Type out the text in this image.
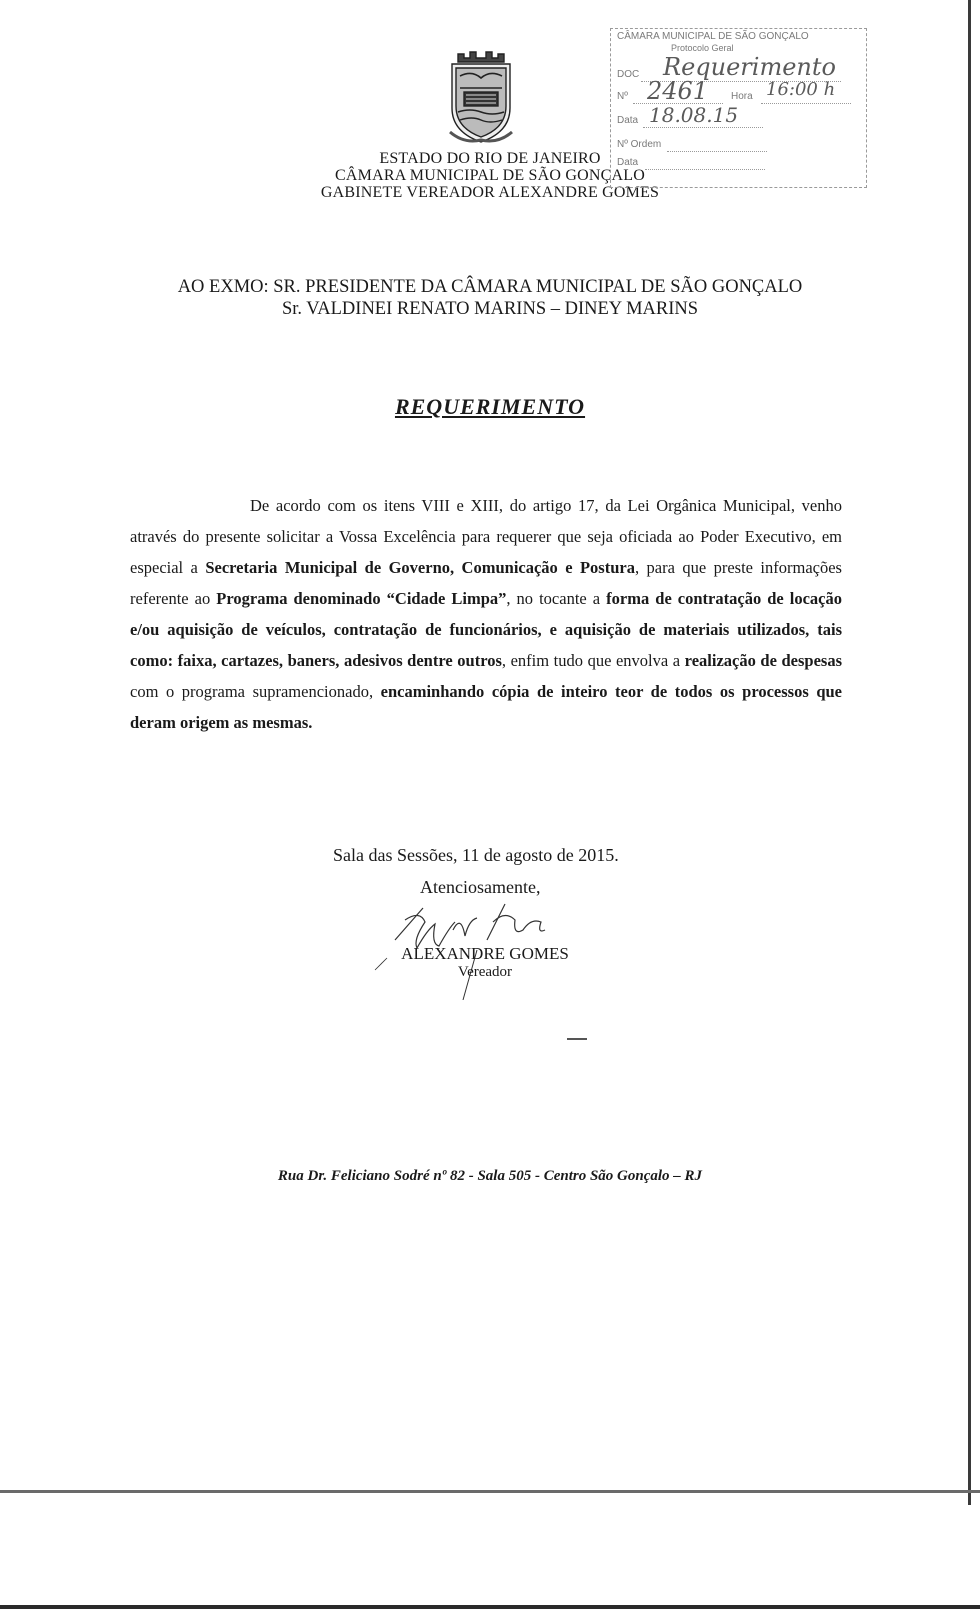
ESTADO DO RIO DE JANEIRO
CÂMARA MUNICIPAL DE SÃO GONÇALO
GABINETE VEREADOR ALEXANDRE GOMES
CÂMARA MUNICIPAL DE SÃO GONÇALO
Protocolo Geral
DOC Requerimento
Nº 2461 Hora 16:00 h
Data 18.08.15
Nº Ordem
Data
AO EXMO: SR. PRESIDENTE DA CÂMARA MUNICIPAL DE SÃO GONÇALO
Sr. VALDINEI RENATO MARINS – DINEY MARINS
REQUERIMENTO
De acordo com os itens VIII e XIII, do artigo 17, da Lei Orgânica Municipal, venho através do presente solicitar a Vossa Excelência para requerer que seja oficiada ao Poder Executivo, em especial a Secretaria Municipal de Governo, Comunicação e Postura, para que preste informações referente ao Programa denominado “Cidade Limpa”, no tocante a forma de contratação de locação e/ou aquisição de veículos, contratação de funcionários, e aquisição de materiais utilizados, tais como: faixa, cartazes, baners, adesivos dentre outros, enfim tudo que envolva a realização de despesas com o programa supramencionado, encaminhando cópia de inteiro teor de todos os processos que deram origem as mesmas.
Sala das Sessões, 11 de agosto de 2015.
Atenciosamente,
ALEXANDRE GOMES
Vereador
Rua Dr. Feliciano Sodré nº 82 - Sala 505 - Centro São Gonçalo – RJ
